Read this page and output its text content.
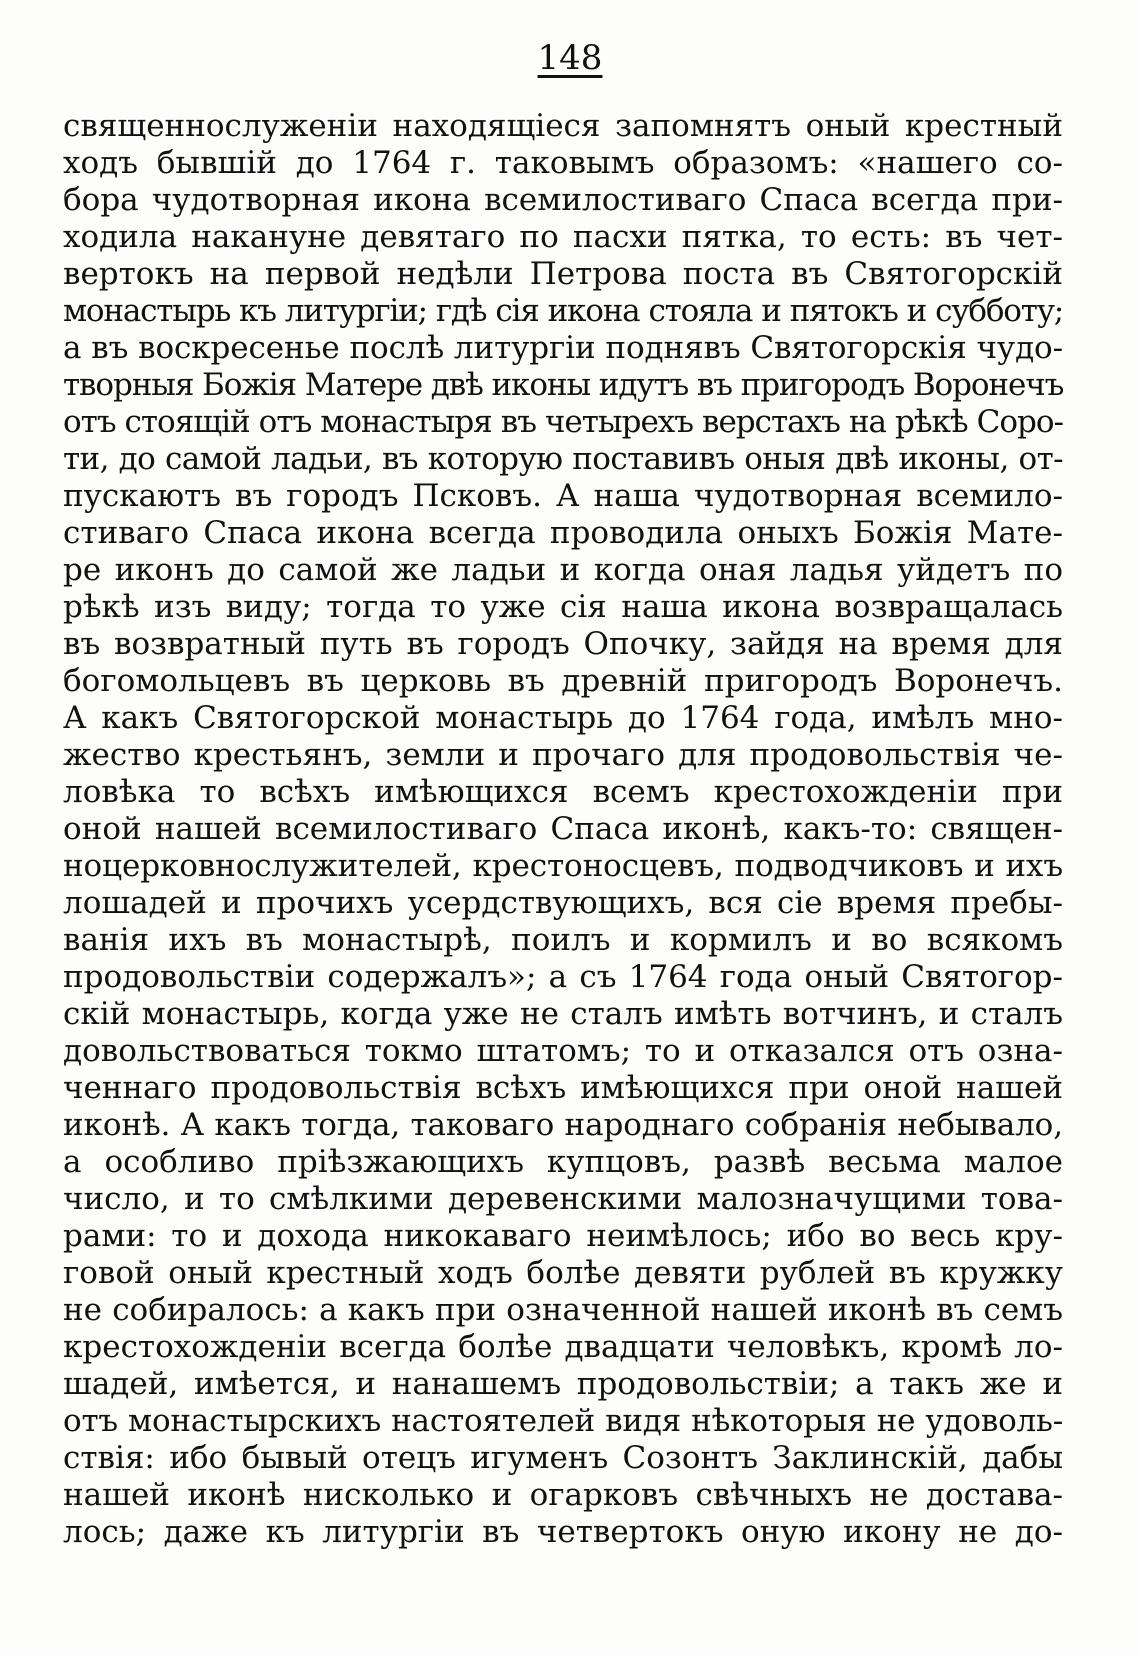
148
священнослуженiи находящiеся запомнятъ оный крестный
ходъ бывшiй до 1764 г. таковымъ образомъ: «нашего со-
бора чудотворная икона всемилостиваго Спаса всегда при-
ходила накануне девятаго по пасхи пятка, то есть: въ чет-
вертокъ на первой недѣли Петрова поста въ Святогорскiй
монастырь къ литургiи; гдѣ сiя икона стояла и пятокъ и субботу;
а въ воскресенье послѣ литургiи поднявъ Святогорскiя чудо-
творныя Божiя Матере двѣ иконы идутъ въ пригородъ Воронечъ
отъ стоящiй отъ монастыря въ четырехъ верстахъ на рѣкѣ Соро-
ти, до самой ладьи, въ которую поставивъ оныя двѣ иконы, от-
пускаютъ въ городъ Псковъ. А наша чудотворная всемило-
стиваго Спаса икона всегда проводила оныхъ Божiя Мате-
ре иконъ до самой же ладьи и когда оная ладья уйдетъ по
рѣкѣ изъ виду; тогда то уже сiя наша икона возвращалась
въ возвратный путь въ городъ Опочку, зайдя на время для
богомольцевъ въ церковь въ древнiй пригородъ Воронечъ.
А какъ Святогорской монастырь до 1764 года, имѣлъ мно-
жество крестьянъ, земли и прочаго для продовольствiя че-
ловѣка то всѣхъ имѣющихся всемъ крестохожденiи при
оной нашей всемилостиваго Спаса иконѣ, какъ-то: священ-
ноцерковнослужителей, крестоносцевъ, подводчиковъ и ихъ
лошадей и прочихъ усердствующихъ, вся сiе время пребы-
ванiя ихъ въ монастырѣ, поилъ и кормилъ и во всякомъ
продовольствiи содержалъ»; а съ 1764 года оный Святогор-
скiй монастырь, когда уже не сталъ имѣть вотчинъ, и сталъ
довольствоваться токмо штатомъ; то и отказался отъ озна-
ченнаго продовольствiя всѣхъ имѣющихся при оной нашей
иконѣ. А какъ тогда, таковаго народнаго собранiя небывало,
а особливо прiѣзжающихъ купцовъ, развѣ весьма малое
число, и то смѣлкими деревенскими малозначущими това-
рами: то и дохода никокаваго неимѣлось; ибо во весь кру-
говой оный крестный ходъ болѣе девяти рублей въ кружку
не собиралось: а какъ при означенной нашей иконѣ въ семъ
крестохожденiи всегда болѣе двадцати человѣкъ, кромѣ ло-
шадей, имѣется, и нанашемъ продовольствiи; а такъ же и
отъ монастырскихъ настоятелей видя нѣкоторыя не удоволь-
ствiя: ибо бывый отецъ игуменъ Созонтъ Заклинскiй, дабы
нашей иконѣ нисколько и огарковъ свѣчныхъ не доставa-
лось; даже къ литургiи въ четвертокъ оную икону не до-
